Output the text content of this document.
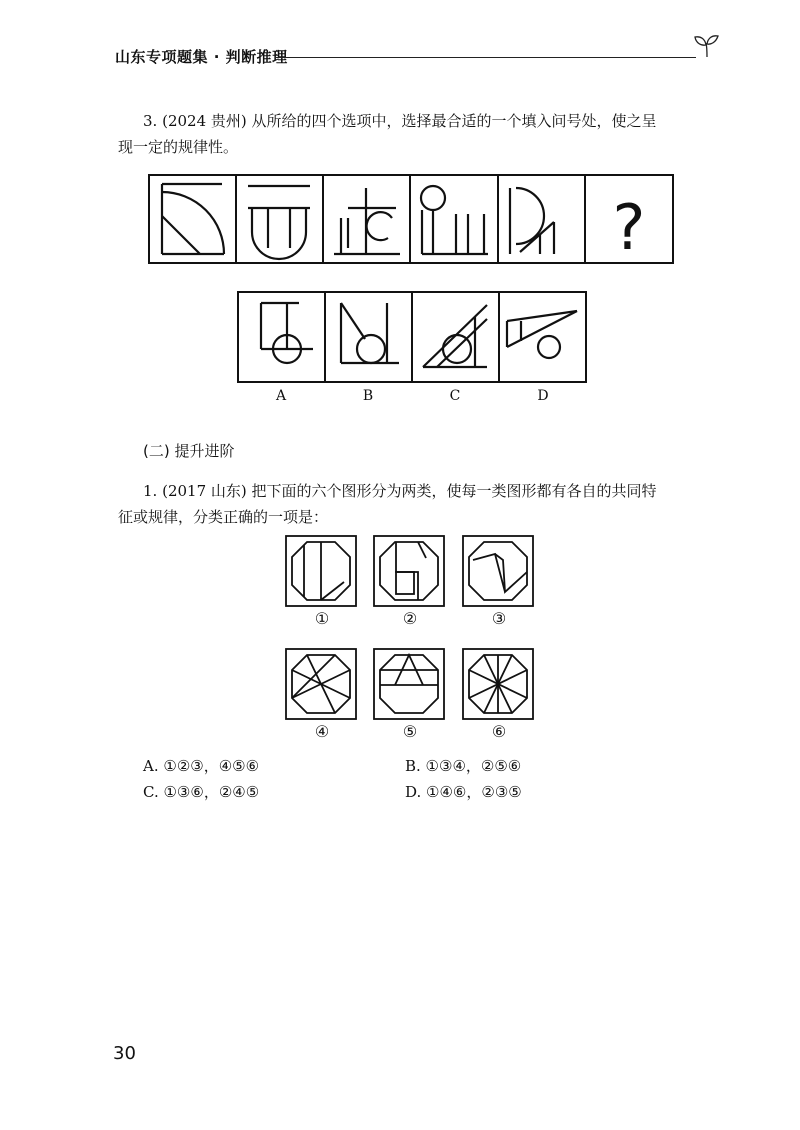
山东专项题集 · 判断推理
3. (2024 贵州) 从所给的四个选项中，选择最合适的一个填入问号处，使之呈
现一定的规律性。
?
A	B	C	D
(二) 提升进阶
1. (2017 山东) 把下面的六个图形分为两类，使每一类图形都有各自的共同特
征或规律，分类正确的一项是：
①	②	③
④	⑤	⑥
A. ①②③，④⑤⑥	B. ①③④，②⑤⑥
C. ①③⑥，②④⑤	D. ①④⑥，②③⑤
30
